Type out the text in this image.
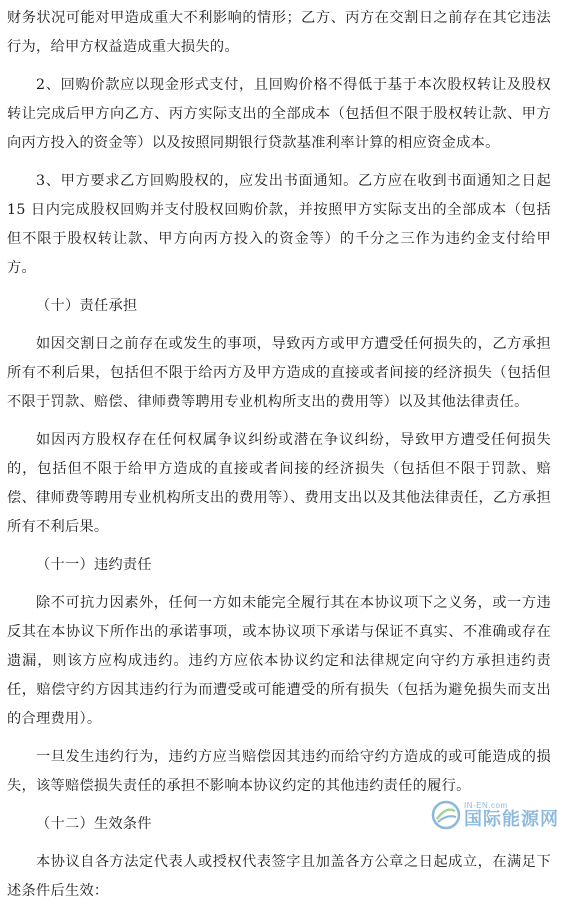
财务状况可能对甲造成重大不利影响的情形；乙方、丙方在交割日之前存在其它违法行为，给甲方权益造成重大损失的。

2、回购价款应以现金形式支付，且回购价格不得低于基于本次股权转让及股权转让完成后甲方向乙方、丙方实际支出的全部成本（包括但不限于股权转让款、甲方向丙方投入的资金等）以及按照同期银行贷款基准利率计算的相应资金成本。

3、甲方要求乙方回购股权的，应发出书面通知。乙方应在收到书面通知之日起 15 日内完成股权回购并支付股权回购价款，并按照甲方实际支出的全部成本（包括但不限于股权转让款、甲方向丙方投入的资金等）的千分之三作为违约金支付给甲方。

（十）责任承担

如因交割日之前存在或发生的事项，导致丙方或甲方遭受任何损失的，乙方承担所有不利后果，包括但不限于给丙方及甲方造成的直接或者间接的经济损失（包括但不限于罚款、赔偿、律师费等聘用专业机构所支出的费用等）以及其他法律责任。

如因丙方股权存在任何权属争议纠纷或潜在争议纠纷，导致甲方遭受任何损失的，包括但不限于给甲方造成的直接或者间接的经济损失（包括但不限于罚款、赔偿、律师费等聘用专业机构所支出的费用等）、费用支出以及其他法律责任，乙方承担所有不利后果。

（十一）违约责任

除不可抗力因素外，任何一方如未能完全履行其在本协议项下之义务，或一方违反其在本协议下所作出的承诺事项，或本协议项下承诺与保证不真实、不准确或存在遗漏，则该方应构成违约。违约方应依本协议约定和法律规定向守约方承担违约责任，赔偿守约方因其违约行为而遭受或可能遭受的所有损失（包括为避免损失而支出的合理费用）。

一旦发生违约行为，违约方应当赔偿因其违约而给守约方造成的或可能造成的损失，该等赔偿损失责任的承担不影响本协议约定的其他违约责任的履行。

（十二）生效条件

本协议自各方法定代表人或授权代表签字且加盖各方公章之日起成立，在满足下述条件后生效：

IN-EN.com
国际能源网
